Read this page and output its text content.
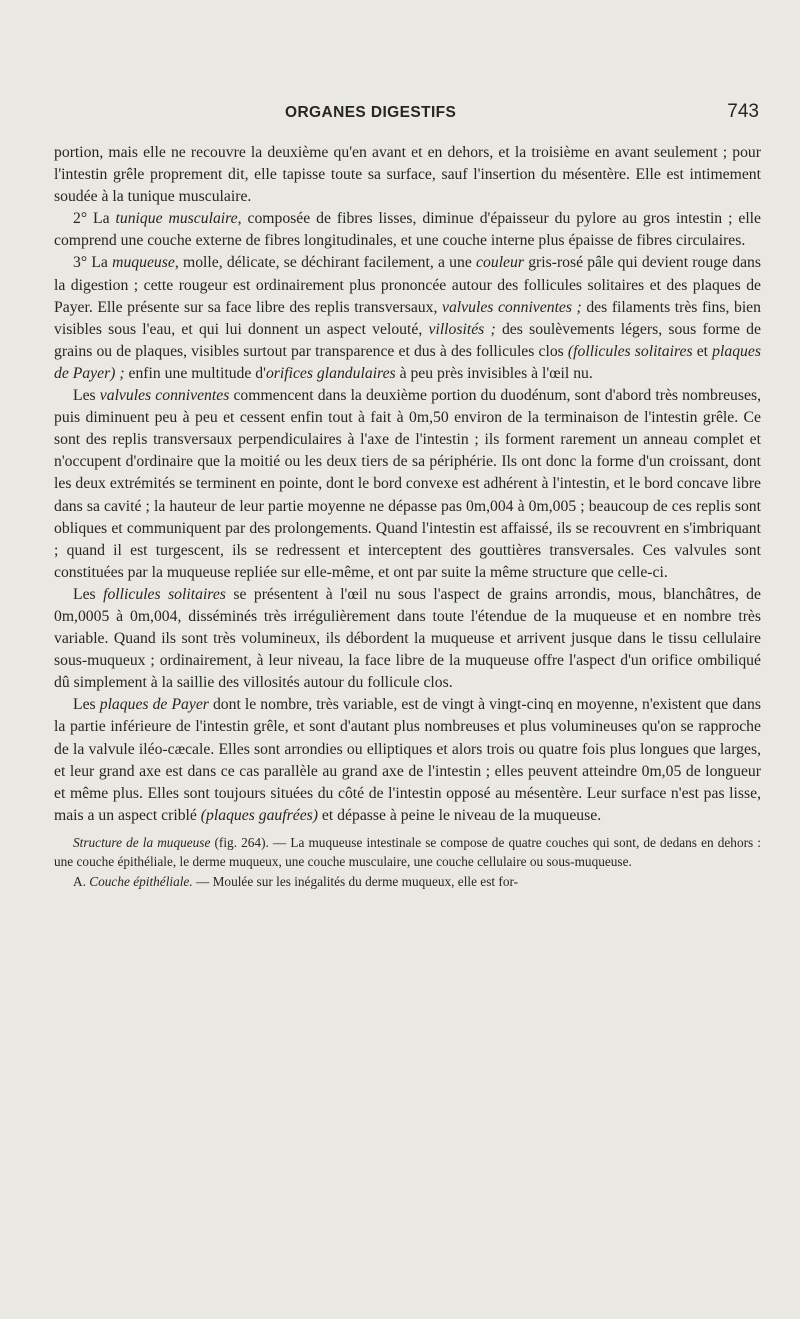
ORGANES DIGESTIFS	743

portion, mais elle ne recouvre la deuxième qu'en avant et en dehors, et la troisième en avant seulement ; pour l'intestin grêle proprement dit, elle tapisse toute sa surface, sauf l'insertion du mésentère. Elle est intimement soudée à la tunique musculaire.

2° La tunique musculaire, composée de fibres lisses, diminue d'épaisseur du pylore au gros intestin ; elle comprend une couche externe de fibres longitudinales, et une couche interne plus épaisse de fibres circulaires.

3° La muqueuse, molle, délicate, se déchirant facilement, a une couleur gris-rosé pâle qui devient rouge dans la digestion ; cette rougeur est ordinairement plus prononcée autour des follicules solitaires et des plaques de Payer. Elle présente sur sa face libre des replis transversaux, valvules conniventes ; des filaments très fins, bien visibles sous l'eau, et qui lui donnent un aspect velouté, villosités ; des soulèvements légers, sous forme de grains ou de plaques, visibles surtout par transparence et dus à des follicules clos (follicules solitaires et plaques de Payer) ; enfin une multitude d'orifices glandulaires à peu près invisibles à l'œil nu.

Les valvules conniventes commencent dans la deuxième portion du duodénum, sont d'abord très nombreuses, puis diminuent peu à peu et cessent enfin tout à fait à 0m,50 environ de la terminaison de l'intestin grêle. Ce sont des replis transversaux perpendiculaires à l'axe de l'intestin ; ils forment rarement un anneau complet et n'occupent d'ordinaire que la moitié ou les deux tiers de sa périphérie. Ils ont donc la forme d'un croissant, dont les deux extrémités se terminent en pointe, dont le bord convexe est adhérent à l'intestin, et le bord concave libre dans sa cavité ; la hauteur de leur partie moyenne ne dépasse pas 0m,004 à 0m,005 ; beaucoup de ces replis sont obliques et communiquent par des prolongements. Quand l'intestin est affaissé, ils se recouvrent en s'imbriquant ; quand il est turgescent, ils se redressent et interceptent des gouttières transversales. Ces valvules sont constituées par la muqueuse repliée sur elle-même, et ont par suite la même structure que celle-ci.

Les follicules solitaires se présentent à l'œil nu sous l'aspect de grains arrondis, mous, blanchâtres, de 0m,0005 à 0m,004, disséminés très irrégulièrement dans toute l'étendue de la muqueuse et en nombre très variable. Quand ils sont très volumineux, ils débordent la muqueuse et arrivent jusque dans le tissu cellulaire sous-muqueux ; ordinairement, à leur niveau, la face libre de la muqueuse offre l'aspect d'un orifice ombiliqué dû simplement à la saillie des villosités autour du follicule clos.

Les plaques de Payer dont le nombre, très variable, est de vingt à vingt-cinq en moyenne, n'existent que dans la partie inférieure de l'intestin grêle, et sont d'autant plus nombreuses et plus volumineuses qu'on se rapproche de la valvule iléo-cæcale. Elles sont arrondies ou elliptiques et alors trois ou quatre fois plus longues que larges, et leur grand axe est dans ce cas parallèle au grand axe de l'intestin ; elles peuvent atteindre 0m,05 de longueur et même plus. Elles sont toujours situées du côté de l'intestin opposé au mésentère. Leur surface n'est pas lisse, mais a un aspect criblé (plaques gaufrées) et dépasse à peine le niveau de la muqueuse.

Structure de la muqueuse (fig. 264). — La muqueuse intestinale se compose de quatre couches qui sont, de dedans en dehors : une couche épithéliale, le derme muqueux, une couche musculaire, une couche cellulaire ou sous-muqueuse.

A. Couche épithéliale. — Moulée sur les inégalités du derme muqueux, elle est for-
